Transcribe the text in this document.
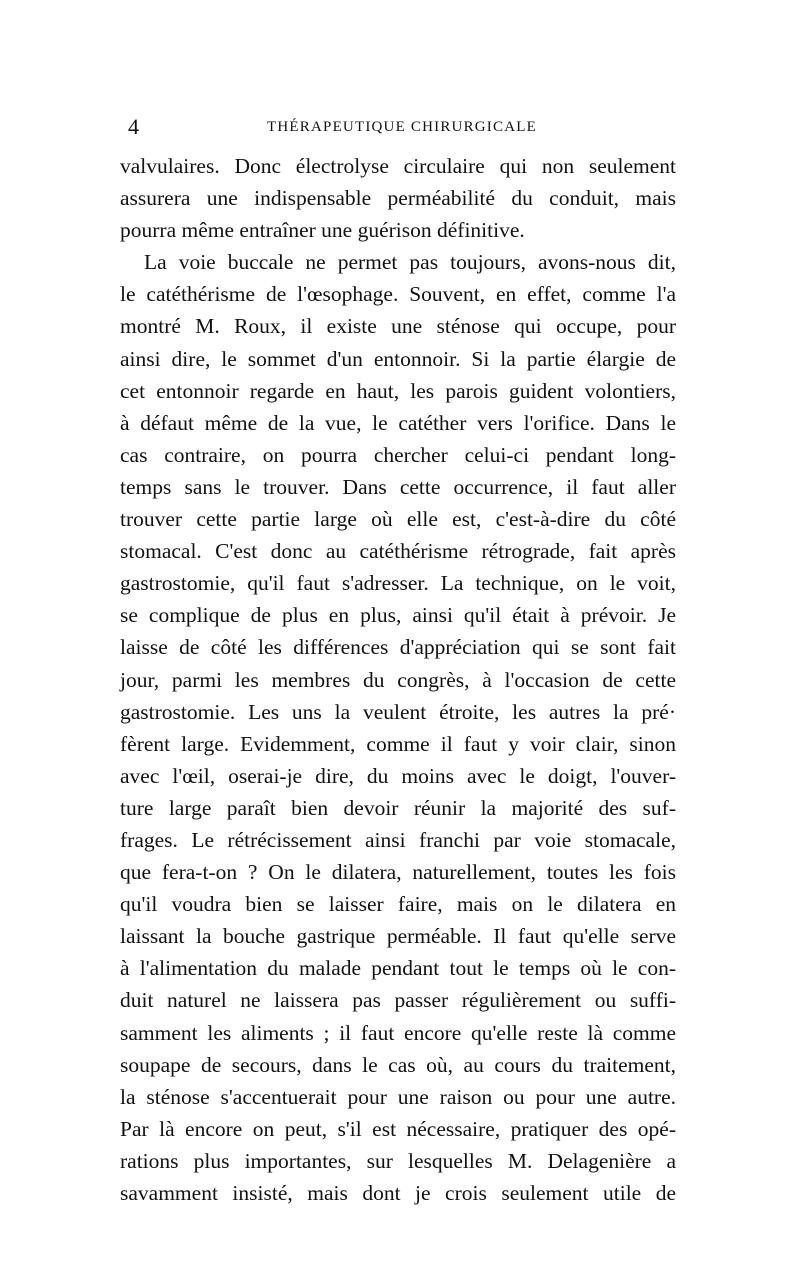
4	THÉRAPEUTIQUE CHIRURGICALE
valvulaires. Donc électrolyse circulaire qui non seulement
assurera une indispensable perméabilité du conduit, mais
pourra même entraîner une guérison définitive.
La voie buccale ne permet pas toujours, avons-nous dit,
le catéthérisme de l'œsophage. Souvent, en effet, comme l'a
montré M. Roux, il existe une sténose qui occupe, pour
ainsi dire, le sommet d'un entonnoir. Si la partie élargie de
cet entonnoir regarde en haut, les parois guident volontiers,
à défaut même de la vue, le catéther vers l'orifice. Dans le
cas contraire, on pourra chercher celui-ci pendant long-
temps sans le trouver. Dans cette occurrence, il faut aller
trouver cette partie large où elle est, c'est-à-dire du côté
stomacal. C'est donc au catéthérisme rétrograde, fait après
gastrostomie, qu'il faut s'adresser. La technique, on le voit,
se complique de plus en plus, ainsi qu'il était à prévoir. Je
laisse de côté les différences d'appréciation qui se sont fait
jour, parmi les membres du congrès, à l'occasion de cette
gastrostomie. Les uns la veulent étroite, les autres la pré·
fèrent large. Evidemment, comme il faut y voir clair, sinon
avec l'œil, oserai-je dire, du moins avec le doigt, l'ouver-
ture large paraît bien devoir réunir la majorité des suf-
frages. Le rétrécissement ainsi franchi par voie stomacale,
que fera-t-on ? On le dilatera, naturellement, toutes les fois
qu'il voudra bien se laisser faire, mais on le dilatera en
laissant la bouche gastrique perméable. Il faut qu'elle serve
à l'alimentation du malade pendant tout le temps où le con-
duit naturel ne laissera pas passer régulièrement ou suffi-
samment les aliments ; il faut encore qu'elle reste là comme
soupape de secours, dans le cas où, au cours du traitement,
la sténose s'accentuerait pour une raison ou pour une autre.
Par là encore on peut, s'il est nécessaire, pratiquer des opé-
rations plus importantes, sur lesquelles M. Delagenière a
savamment insisté, mais dont je crois seulement utile de
